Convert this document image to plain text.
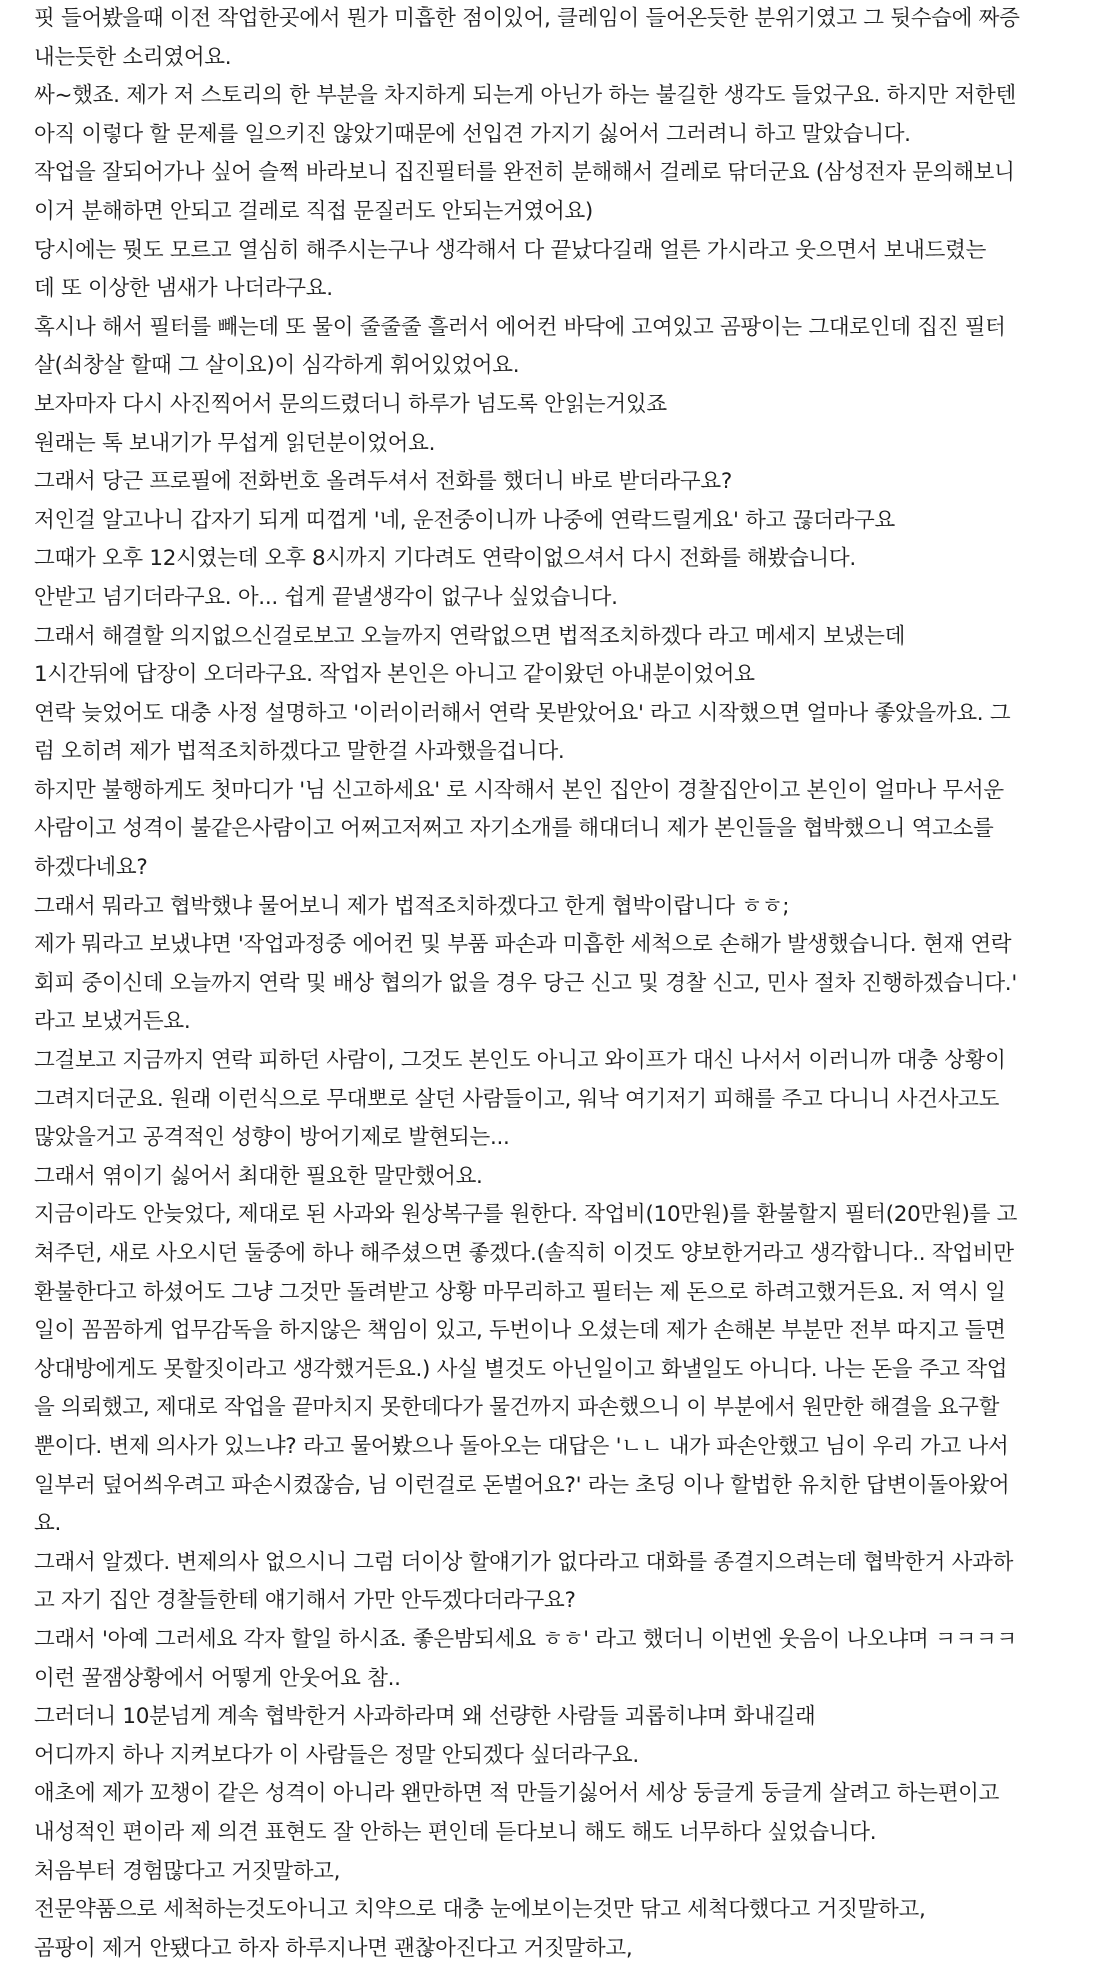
핏 들어봤을때 이전 작업한곳에서 뭔가 미흡한 점이있어, 클레임이 들어온듯한 분위기였고 그 뒷수습에 짜증

내는듯한 소리였어요.

싸~했죠. 제가 저 스토리의 한 부분을 차지하게 되는게 아닌가 하는 불길한 생각도 들었구요. 하지만 저한텐

아직 이렇다 할 문제를 일으키진 않았기때문에 선입견 가지기 싫어서 그러려니 하고 말았습니다.

작업을 잘되어가나 싶어 슬쩍 바라보니 집진필터를 완전히 분해해서 걸레로 닦더군요 (삼성전자 문의해보니

이거 분해하면 안되고 걸레로 직접 문질러도 안되는거였어요)

당시에는 뭣도 모르고 열심히 해주시는구나 생각해서 다 끝났다길래 얼른 가시라고 웃으면서 보내드렸는

데 또 이상한 냄새가 나더라구요.

혹시나 해서 필터를 빼는데 또 물이 줄줄줄 흘러서 에어컨 바닥에 고여있고 곰팡이는 그대로인데 집진 필터

살(쇠창살 할때 그 살이요)이 심각하게 휘어있었어요.

보자마자 다시 사진찍어서 문의드렸더니 하루가 넘도록 안읽는거있죠

원래는 톡 보내기가 무섭게 읽던분이었어요.

그래서 당근 프로필에 전화번호 올려두셔서 전화를 했더니 바로 받더라구요?

저인걸 알고나니 갑자기 되게 띠껍게 '네, 운전중이니까 나중에 연락드릴게요' 하고 끊더라구요

그때가 오후 12시였는데 오후 8시까지 기다려도 연락이없으셔서 다시 전화를 해봤습니다.

안받고 넘기더라구요. 아... 쉽게 끝낼생각이 없구나 싶었습니다.

그래서 해결할 의지없으신걸로보고 오늘까지 연락없으면 법적조치하겠다 라고 메세지 보냈는데

1시간뒤에 답장이 오더라구요. 작업자 본인은 아니고 같이왔던 아내분이었어요

연락 늦었어도 대충 사정 설명하고 '이러이러해서 연락 못받았어요' 라고 시작했으면 얼마나 좋았을까요. 그

럼 오히려 제가 법적조치하겠다고 말한걸 사과했을겁니다.

하지만 불행하게도 첫마디가 '님 신고하세요' 로 시작해서 본인 집안이 경찰집안이고 본인이 얼마나 무서운

사람이고 성격이 불같은사람이고 어쩌고저쩌고 자기소개를 해대더니 제가 본인들을 협박했으니 역고소를

하겠다네요?

그래서 뭐라고 협박했냐 물어보니 제가 법적조치하겠다고 한게 협박이랍니다 ㅎㅎ;

제가 뭐라고 보냈냐면 '작업과정중 에어컨 및 부품 파손과 미흡한 세척으로 손해가 발생했습니다. 현재 연락

회피 중이신데 오늘까지 연락 및 배상 협의가 없을 경우 당근 신고 및 경찰 신고, 민사 절차 진행하겠습니다.'

라고 보냈거든요.

그걸보고 지금까지 연락 피하던 사람이, 그것도 본인도 아니고 와이프가 대신 나서서 이러니까 대충 상황이

그려지더군요. 원래 이런식으로 무대뽀로 살던 사람들이고, 워낙 여기저기 피해를 주고 다니니 사건사고도

많았을거고 공격적인 성향이 방어기제로 발현되는...

그래서 엮이기 싫어서 최대한 필요한 말만했어요.

지금이라도 안늦었다, 제대로 된 사과와 원상복구를 원한다. 작업비(10만원)를 환불할지 필터(20만원)를 고

쳐주던, 새로 사오시던 둘중에 하나 해주셨으면 좋겠다.(솔직히 이것도 양보한거라고 생각합니다.. 작업비만

환불한다고 하셨어도 그냥 그것만 돌려받고 상황 마무리하고 필터는 제 돈으로 하려고했거든요. 저 역시 일

일이 꼼꼼하게 업무감독을 하지않은 책임이 있고, 두번이나 오셨는데 제가 손해본 부분만 전부 따지고 들면

상대방에게도 못할짓이라고 생각했거든요.) 사실 별것도 아닌일이고 화낼일도 아니다. 나는 돈을 주고 작업

을 의뢰했고, 제대로 작업을 끝마치지 못한데다가 물건까지 파손했으니 이 부분에서 원만한 해결을 요구할

뿐이다. 변제 의사가 있느냐? 라고 물어봤으나 돌아오는 대답은 'ㄴㄴ 내가 파손안했고 님이 우리 가고 나서

일부러 덮어씌우려고 파손시켰잖슴, 님 이런걸로 돈벌어요?' 라는 초딩 이나 할법한 유치한 답변이돌아왔어

요.

그래서 알겠다. 변제의사 없으시니 그럼 더이상 할얘기가 없다라고 대화를 종결지으려는데 협박한거 사과하

고 자기 집안 경찰들한테 얘기해서 가만 안두겠다더라구요?

그래서 '아예 그러세요 각자 할일 하시죠. 좋은밤되세요 ㅎㅎ' 라고 했더니 이번엔 웃음이 나오냐며 ㅋㅋㅋㅋ

이런 꿀잼상황에서 어떻게 안웃어요 참..

그러더니 10분넘게 계속 협박한거 사과하라며 왜 선량한 사람들 괴롭히냐며 화내길래

어디까지 하나 지켜보다가 이 사람들은 정말 안되겠다 싶더라구요.

애초에 제가 꼬챙이 같은 성격이 아니라 왠만하면 적 만들기싫어서 세상 둥글게 둥글게 살려고 하는편이고

내성적인 편이라 제 의견 표현도 잘 안하는 편인데 듣다보니 해도 해도 너무하다 싶었습니다.

처음부터 경험많다고 거짓말하고,

전문약품으로 세척하는것도아니고 치약으로 대충 눈에보이는것만 닦고 세척다했다고 거짓말하고,

곰팡이 제거 안됐다고 하자 하루지나면 괜찮아진다고 거짓말하고,
